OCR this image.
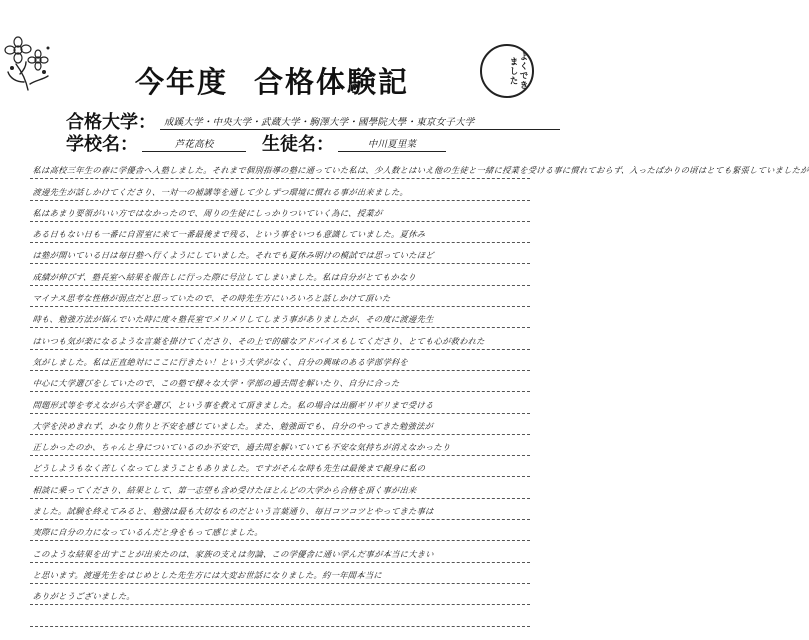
よくできました
今年度 合格体験記
合格大学： 成蹊大学・中央大学・武蔵大学・駒澤大学・國學院大學・東京女子大学
学校名：	芦花高校	生徒名：	中川夏里菜
私は高校三年生の春に学優舎へ入塾しました。それまで個別指導の塾に通っていた私は、少人数とはいえ他の生徒と一緒に授業を受ける事に慣れておらず、入ったばかりの頃はとても緊張していましたが
渡邊先生が話しかけてくださり、一対一の補講等を通して少しずつ環境に慣れる事が出来ました。
私はあまり要領がいい方ではなかったので、周りの生徒にしっかりついていく為に、授業が
ある日もない日も一番に自習室に来て一番最後まで残る、という事をいつも意識していました。夏休み
は塾が開いている日は毎日塾へ行くようにしていました。それでも夏休み明けの模試では思っていたほど
成績が伸びず、塾長室へ結果を報告しに行った際に号泣してしまいました。私は自分がとてもかなり
マイナス思考な性格が弱点だと思っていたので、その時先生方にいろいろと話しかけて頂いた
時も、勉強方法が悩んでいた時に度々塾長室でメリメリしてしまう事がありましたが、その度に渡邊先生
はいつも気が楽になるような言葉を掛けてくださり、その上で的確なアドバイスもしてくださり、とても心が救われた
気がしました。私は正直絶対にここに行きたい！という大学がなく、自分の興味のある学部学科を
中心に大学選びをしていたので、この塾で様々な大学・学部の過去問を解いたり、自分に合った
問題形式等を考えながら大学を選び、という事を教えて頂きました。私の場合は出願ギリギリまで受ける
大学を決めきれず、かなり焦りと不安を感じていました。また、勉強面でも、自分のやってきた勉強法が
正しかったのか、ちゃんと身についているのか不安で、過去問を解いていても不安な気持ちが消えなかったり
どうしようもなく苦しくなってしまうこともありました。ですがそんな時も先生は最後まで親身に私の
相談に乗ってくださり、結果として、第一志望も含め受けたほとんどの大学から合格を頂く事が出来
ました。試験を終えてみると、勉強は最も大切なものだという言葉通り、毎日コツコツとやってきた事は
実際に自分の力になっているんだと身をもって感じました。
このような結果を出すことが出来たのは、家族の支えは勿論、この学優舎に通い学んだ事が本当に大きい
と思います。渡邊先生をはじめとした先生方には大変お世話になりました。約一年間本当に
ありがとうございました。
